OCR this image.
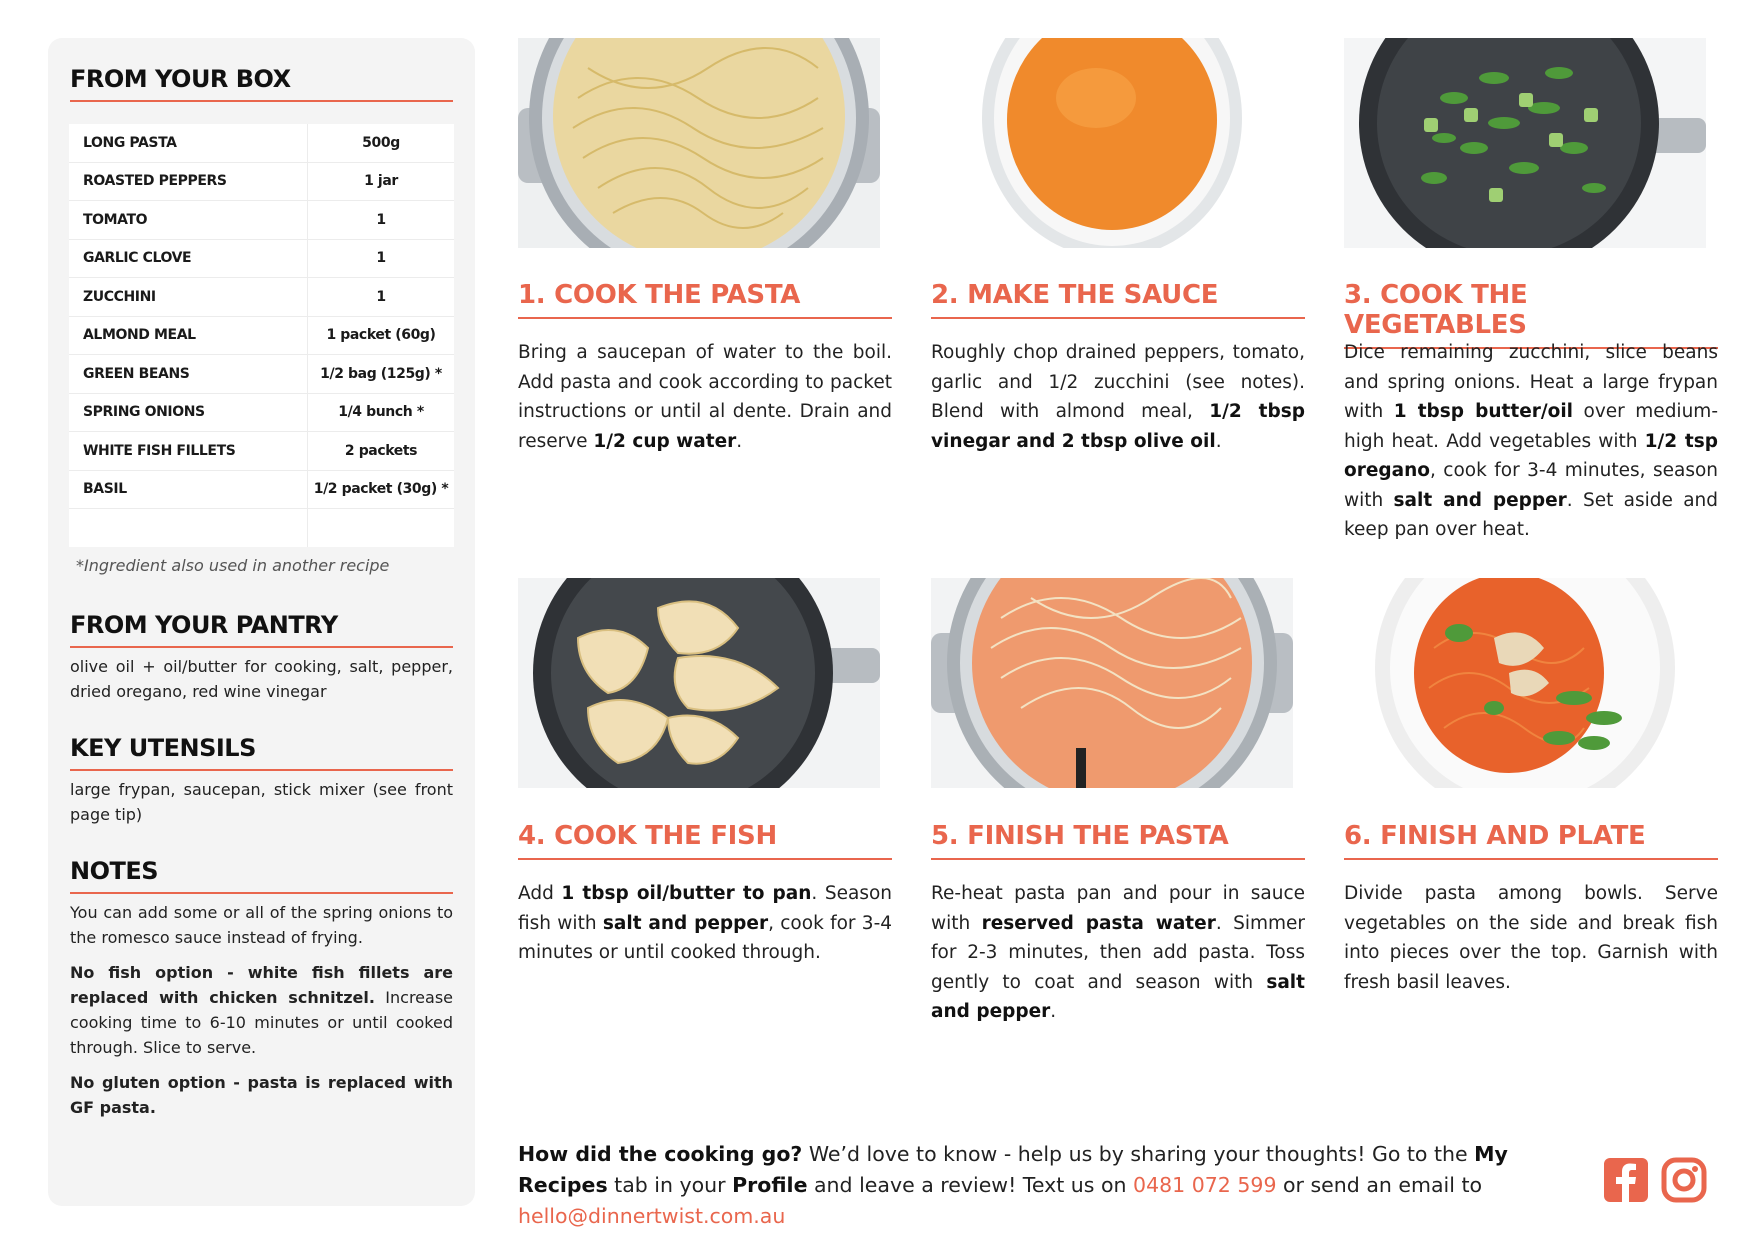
FROM YOUR BOX
LONG PASTA	500g
ROASTED PEPPERS	1 jar
TOMATO	1
GARLIC CLOVE	1
ZUCCHINI	1
ALMOND MEAL	1 packet (60g)
GREEN BEANS	1/2 bag (125g) *
SPRING ONIONS	1/4 bunch *
WHITE FISH FILLETS	2 packets
BASIL	1/2 packet (30g) *
*Ingredient also used in another recipe
FROM YOUR PANTRY
olive oil + oil/butter for cooking, salt, pepper, dried oregano, red wine vinegar
KEY UTENSILS
large frypan, saucepan, stick mixer (see front page tip)
NOTES
You can add some or all of the spring onions to the romesco sauce instead of frying.
No fish option - white fish fillets are replaced with chicken schnitzel. Increase cooking time to 6-10 minutes or until cooked through. Slice to serve.
No gluten option - pasta is replaced with GF pasta.
1. COOK THE PASTA
Bring a saucepan of water to the boil. Add pasta and cook according to packet instructions or until al dente. Drain and reserve 1/2 cup water.
2. MAKE THE SAUCE
Roughly chop drained peppers, tomato, garlic and 1/2 zucchini (see notes). Blend with almond meal, 1/2 tbsp vinegar and 2 tbsp olive oil.
3. COOK THE VEGETABLES
Dice remaining zucchini, slice beans and spring onions. Heat a large frypan with 1 tbsp butter/oil over medium-high heat. Add vegetables with 1/2 tsp oregano, cook for 3-4 minutes, season with salt and pepper. Set aside and keep pan over heat.
4. COOK THE FISH
Add 1 tbsp oil/butter to pan. Season fish with salt and pepper, cook for 3-4 minutes or until cooked through.
5. FINISH THE PASTA
Re-heat pasta pan and pour in sauce with reserved pasta water. Simmer for 2-3 minutes, then add pasta. Toss gently to coat and season with salt and pepper.
6. FINISH AND PLATE
Divide pasta among bowls. Serve vegetables on the side and break fish into pieces over the top. Garnish with fresh basil leaves.
How did the cooking go? We’d love to know - help us by sharing your thoughts! Go to the My Recipes tab in your Profile and leave a review! Text us on 0481 072 599 or send an email to hello@dinnertwist.com.au
